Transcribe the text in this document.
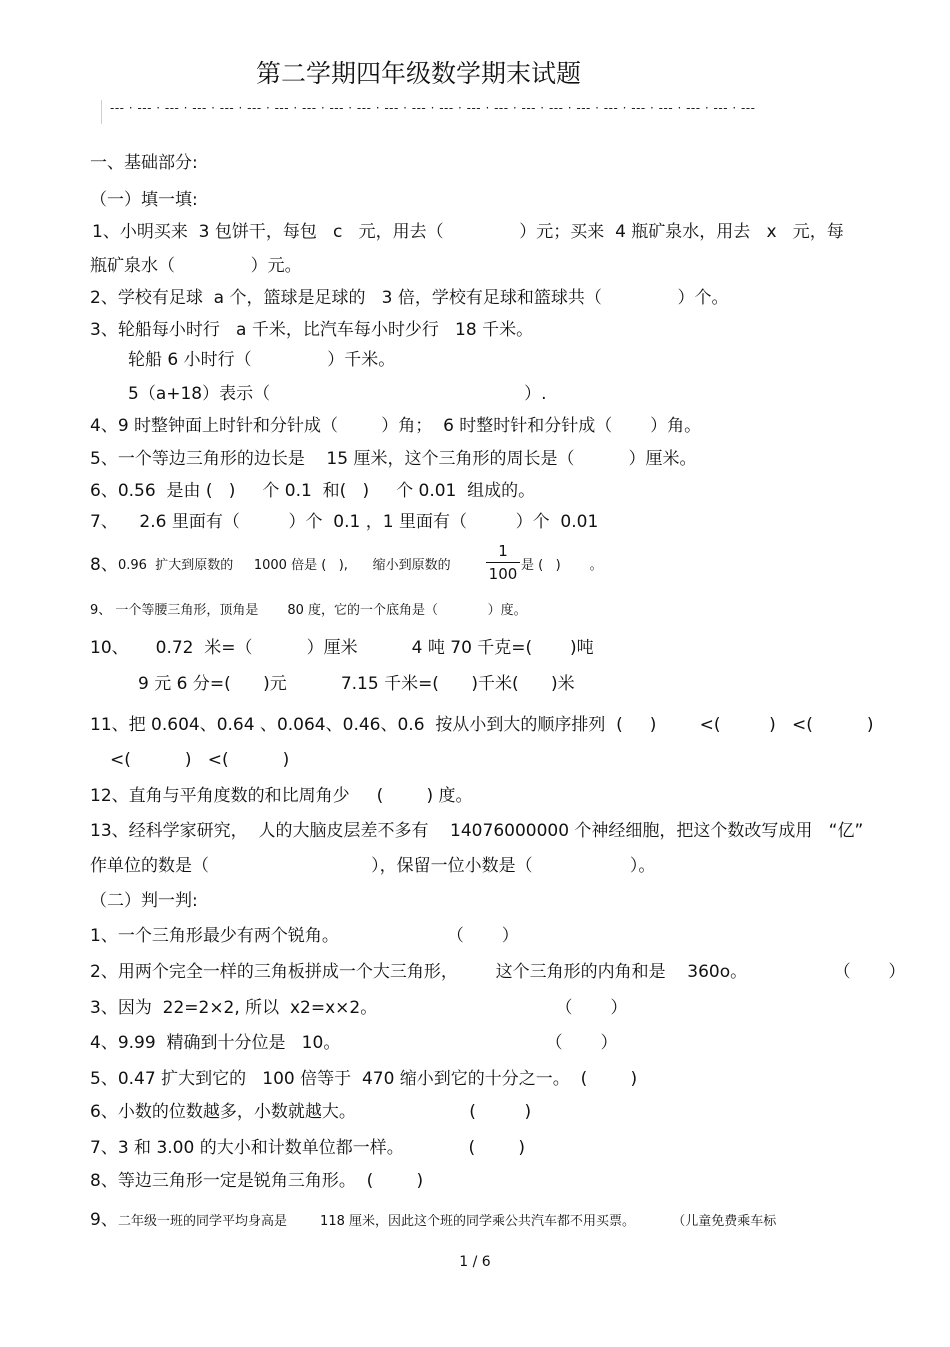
第二学期四年级数学期末试题
--- · --- · --- · --- · --- · --- · --- · --- · --- · --- · --- · --- · --- · --- · --- · --- · --- · --- · --- · --- · --- · --- · --- · ---
一、基础部分:
（一）填一填:
1、小明买来  3 包饼干，每包   c   元，用去（              ）元；买来  4 瓶矿泉水，用去   x   元，每
瓶矿泉水（              ）元。
2、学校有足球  a 个，篮球是足球的   3 倍，学校有足球和篮球共（              ）个。
3、轮船每小时行   a 千米，比汽车每小时少行   18 千米。
轮船 6 小时行（              ）千米。
5（a+18）表示（                                               ）.
4、9 时整钟面上时针和分针成（        ）角；  6 时整时针和分针成（       ）角。
5、一个等边三角形的边长是    15 厘米，这个三角形的周长是（          ）厘米。
6、0.56  是由 (   )     个 0.1  和(   )     个 0.01  组成的。
7、    2.6 里面有（         ）个  0.1 ，1 里面有（         ）个  0.01
8、 0.96  扩大到原数的     1000 倍是 (   ),      缩小到原数的
1
100 是 (   )       。
9、 一个等腰三角形，顶角是       80 度，它的一个底角是（            ）度。
10、     0.72  米=（          ）厘米          4 吨 70 千克=(       )吨
9 元 6 分=(      )元          7.15 千米=(      )千米(      )米
11、把 0.604、0.64 、0.064、0.46、0.6  按从小到大的顺序排列  (     )        <(         )   <(          )
<(          )   <(          )
12、直角与平角度数的和比周角少     (        ) 度。
13、经科学家研究，  人的大脑皮层差不多有    14076000000 个神经细胞，把这个数改写成用   “亿”
作单位的数是（                              ），保留一位小数是（                  ）。
（二）判一判:
1、一个三角形最少有两个锐角。                    （       ）
2、用两个完全一样的三角板拼成一个大三角形，       这个三角形的内角和是    360o。                （       ）
3、因为  22=2×2, 所以  x2=x×2。                                 （       ）
4、9.99  精确到十分位是   10。                                      （       ）
5、0.47 扩大到它的   100 倍等于  470 缩小到它的十分之一。  (        )
6、小数的位数越多，小数就越大。                     (         )
7、3 和 3.00 的大小和计数单位都一样。            (        )
8、等边三角形一定是锐角三角形。  (        )
9、 二年级一班的同学平均身高是        118 厘米，因此这个班的同学乘公共汽车都不用买票。         （儿童免费乘车标
1 / 6
